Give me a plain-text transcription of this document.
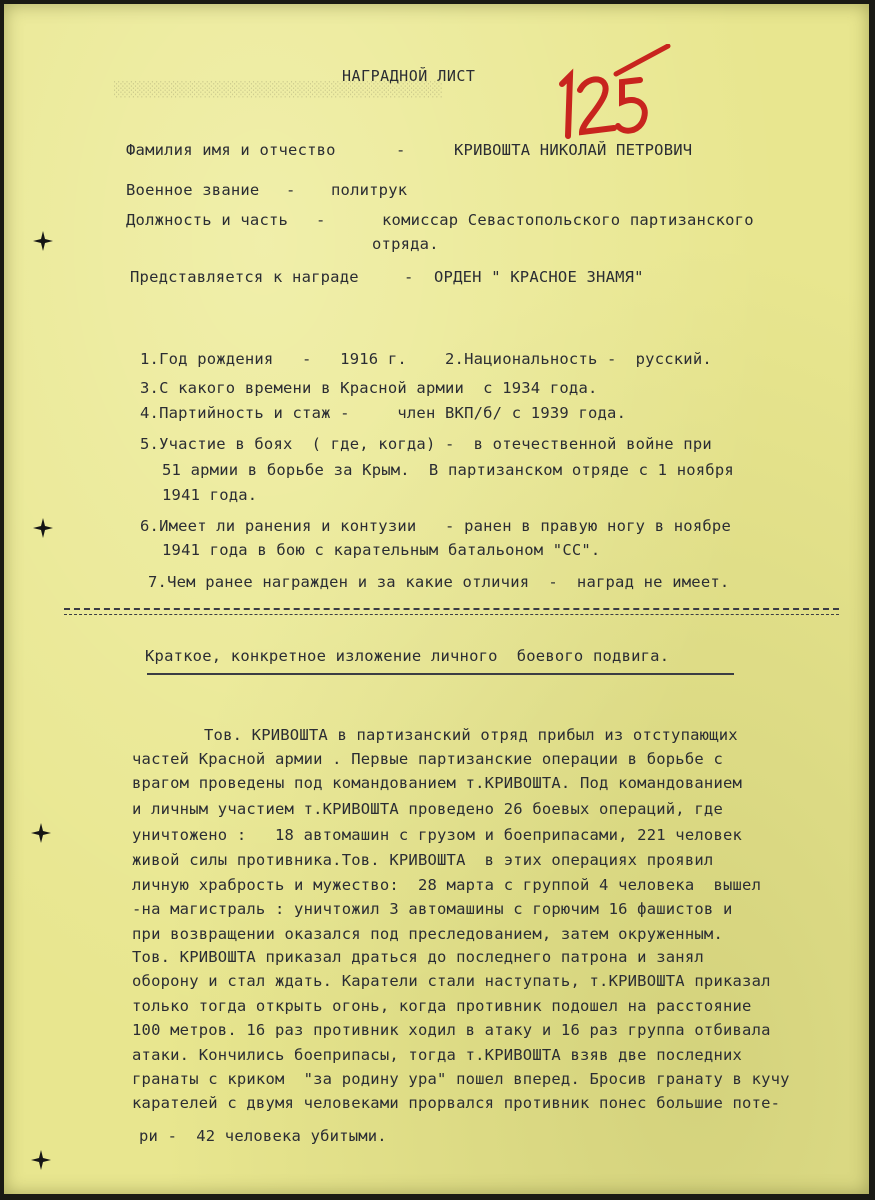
░░░░░░░░░░░░░░░░░░░░░░░░░░░░░░░░░░░░░░░
НАГРАДНОЙ ЛИСТ
Фамилия имя и отчество	-	КРИВОШТА НИКОЛАЙ ПЕТРОВИЧ
Военное звание - политрук
Должность и часть -	комиссар Севастопольского партизанского
отряда.
Представляется к награде	- ОРДЕН " КРАСНОЕ ЗНАМЯ"
1.Год рождения   -   1916 г.    2.Национальность -  русский.
3.С какого времени в Красной армии  с 1934 года.
4.Партийность и стаж -     член ВКП/б/ с 1939 года.
5.Участие в боях  ( где, когда) -  в отечественной войне при
51 армии в борьбе за Крым.  В партизанском отряде с 1 ноября
1941 года.
6.Имеет ли ранения и контузии   - ранен в правую ногу в ноябре
1941 года в бою с карательным батальоном "СС".
7.Чем ранее награжден и за какие отличия  -  наград не имеет.
Краткое, конкретное изложение личного  боевого подвига.
Тов. КРИВОШТА в партизанский отряд прибыл из отступающих
частей Красной армии . Первые партизанские операции в борьбе с
врагом проведены под командованием т.КРИВОШТА. Под командованием
и личным участием т.КРИВОШТА проведено 26 боевых операций, где
уничтожено :   18 автомашин с грузом и боеприпасами, 221 человек
живой силы противника.Тов. КРИВОШТА  в этих операциях проявил
личную храбрость и мужество:  28 марта с группой 4 человека  вышел
-на магистраль : уничтожил 3 автомашины с горючим 16 фашистов и
при возвращении оказался под преследованием, затем окруженным.
Тов. КРИВОШТА приказал драться до последнего патрона и занял
оборону и стал ждать. Каратели стали наступать, т.КРИВОШТА приказал
только тогда открыть огонь, когда противник подошел на расстояние
100 метров. 16 раз противник ходил в атаку и 16 раз группа отбивала
атаки. Кончились боеприпасы, тогда т.КРИВОШТА взяв две последних
гранаты с криком  "за родину ура" пошел вперед. Бросив гранату в кучу
карателей с двумя человеками прорвался противник понес большие поте-
ри -  42 человека убитыми.
